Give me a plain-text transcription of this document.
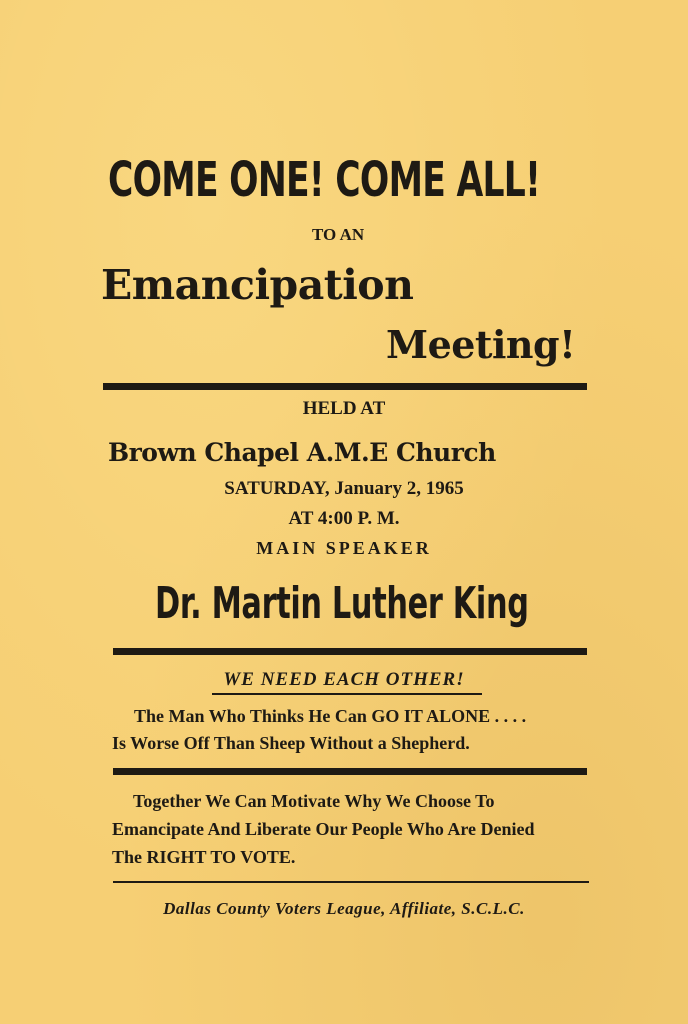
COME ONE! COME ALL!
TO AN
Emancipation
Meeting!
HELD AT
Brown Chapel A.M.E Church
SATURDAY, January 2, 1965
AT 4:00 P. M.
MAIN SPEAKER
Dr. Martin Luther King
WE NEED EACH OTHER!
The Man Who Thinks He Can GO IT ALONE . . . .
Is Worse Off Than Sheep Without a Shepherd.
Together We Can Motivate Why We Choose To
Emancipate And Liberate Our People Who Are Denied
The RIGHT TO VOTE.
Dallas County Voters League, Affiliate, S.C.L.C.
